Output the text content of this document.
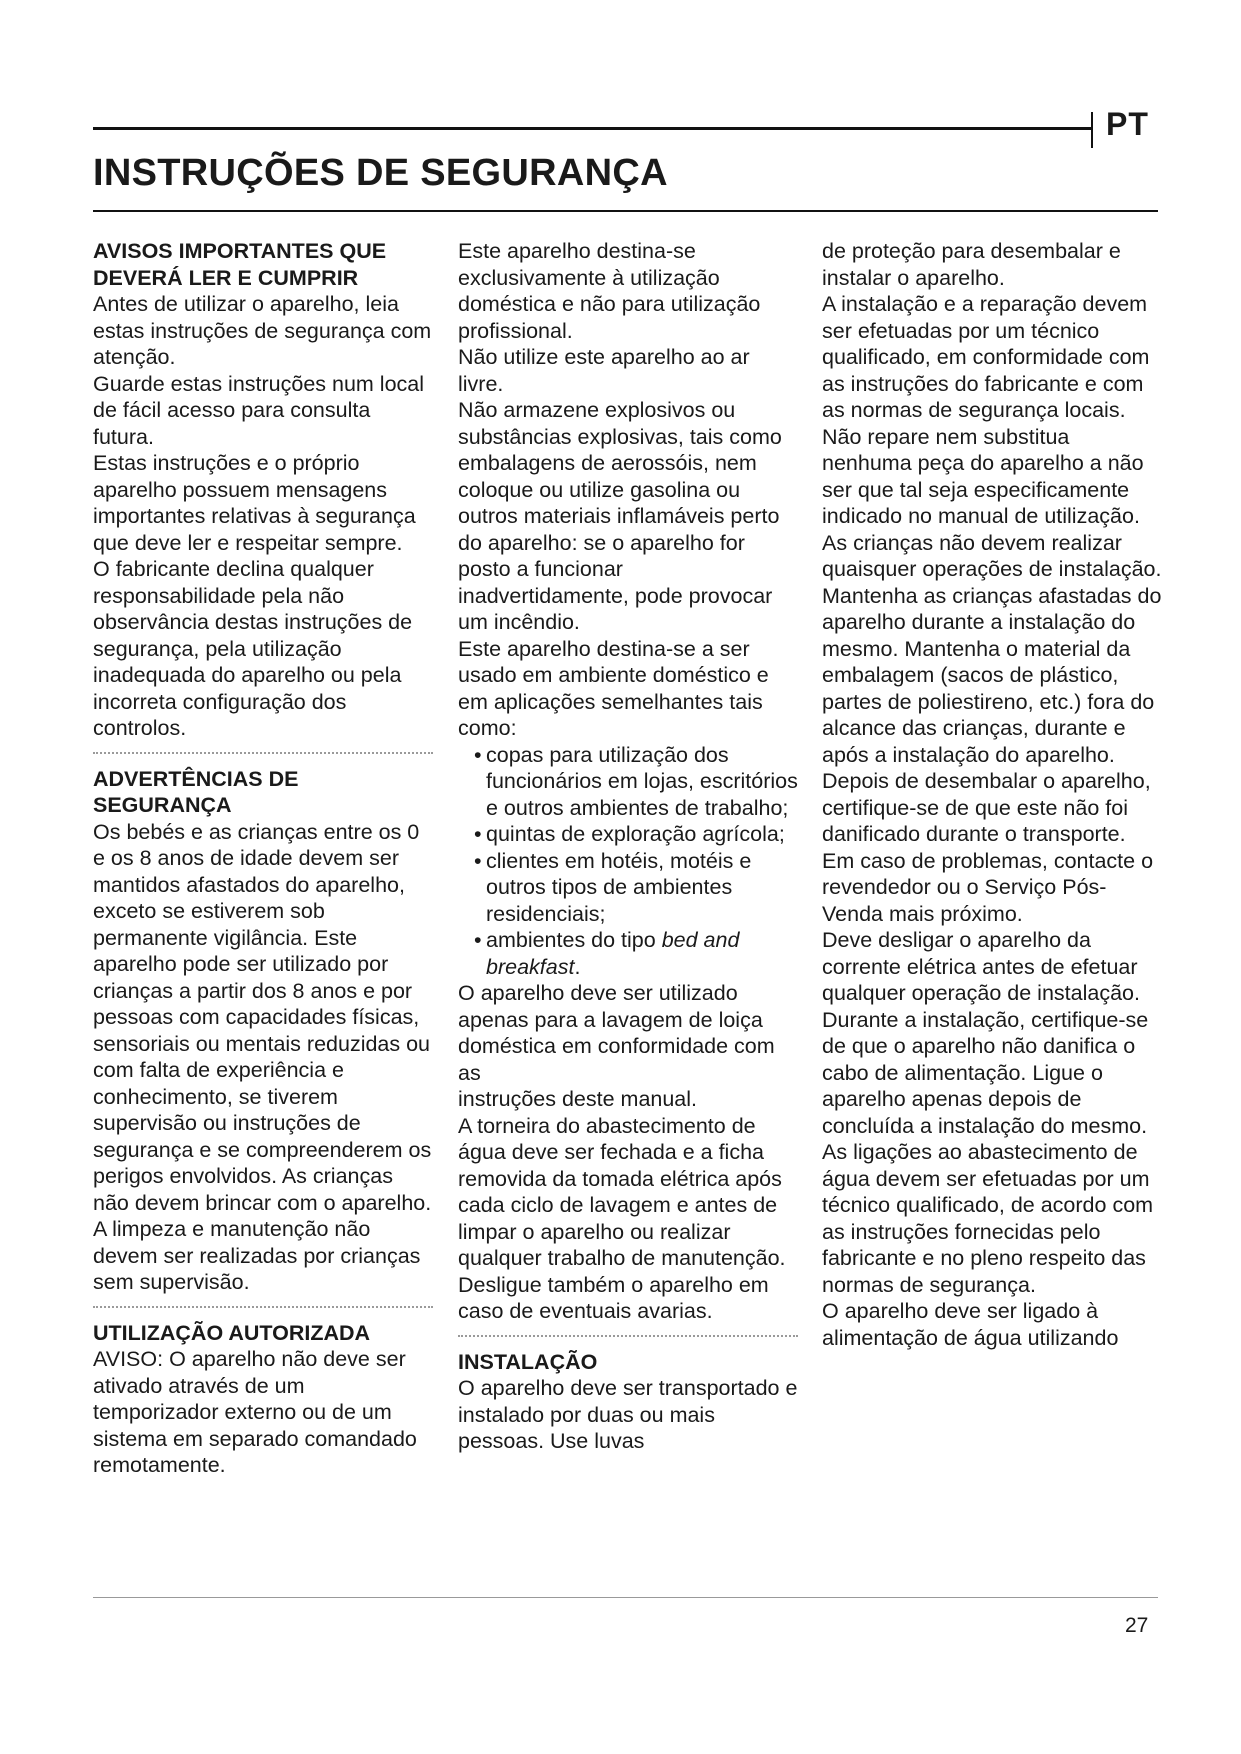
PT
INSTRUÇÕES DE SEGURANÇA
AVISOS IMPORTANTES QUE DEVERÁ LER E CUMPRIR

Antes de utilizar o aparelho, leia estas instruções de segurança com atenção.

Guarde estas instruções num local de fácil acesso para consulta futura.

Estas instruções e o próprio aparelho possuem mensagens importantes relativas à segurança que deve ler e respeitar sempre.

O fabricante declina qualquer responsabilidade pela não observância destas instruções de segurança, pela utilização inadequada do aparelho ou pela incorreta configuração dos controlos.

ADVERTÊNCIAS DE SEGURANÇA

Os bebés e as crianças entre os 0 e os 8 anos de idade devem ser mantidos afastados do aparelho, exceto se estiverem sob permanente vigilância. Este aparelho pode ser utilizado por crianças a partir dos 8 anos e por pessoas com capacidades físicas, sensoriais ou mentais reduzidas ou com falta de experiência e conhecimento, se tiverem supervisão ou instruções de segurança e se compreenderem os perigos envolvidos. As crianças não devem brincar com o aparelho. A limpeza e manutenção não devem ser realizadas por crianças sem supervisão.

UTILIZAÇÃO AUTORIZADA

AVISO: O aparelho não deve ser ativado através de um temporizador externo ou de um sistema em separado comandado remotamente.

Este aparelho destina-se exclusivamente à utilização doméstica e não para utilização profissional.

Não utilize este aparelho ao ar livre.

Não armazene explosivos ou substâncias explosivas, tais como embalagens de aerossóis, nem coloque ou utilize gasolina ou outros materiais inflamáveis perto do aparelho: se o aparelho for posto a funcionar inadvertidamente, pode provocar um incêndio.

Este aparelho destina-se a ser usado em ambiente doméstico e em aplicações semelhantes tais como:

• copas para utilização dos funcionários em lojas, escritórios e outros ambientes de trabalho;
• quintas de exploração agrícola;
• clientes em hotéis, motéis e outros tipos de ambientes residenciais;
• ambientes do tipo bed and breakfast.

O aparelho deve ser utilizado apenas para a lavagem de loiça doméstica em conformidade com as

instruções deste manual.

A torneira do abastecimento de água deve ser fechada e a ficha removida da tomada elétrica após cada ciclo de lavagem e antes de limpar o aparelho ou realizar qualquer trabalho de manutenção.

Desligue também o aparelho em caso de eventuais avarias.

INSTALAÇÃO

O aparelho deve ser transportado e instalado por duas ou mais pessoas. Use luvas

de proteção para desembalar e instalar o aparelho.

A instalação e a reparação devem ser efetuadas por um técnico qualificado, em conformidade com as instruções do fabricante e com as normas de segurança locais. Não repare nem substitua nenhuma peça do aparelho a não ser que tal seja especificamente indicado no manual de utilização.

As crianças não devem realizar quaisquer operações de instalação. Mantenha as crianças afastadas do aparelho durante a instalação do mesmo. Mantenha o material da embalagem (sacos de plástico, partes de poliestireno, etc.) fora do alcance das crianças, durante e após a instalação do aparelho.

Depois de desembalar o aparelho, certifique-se de que este não foi danificado durante o transporte. Em caso de problemas, contacte o revendedor ou o Serviço Pós-Venda mais próximo.

Deve desligar o aparelho da corrente elétrica antes de efetuar qualquer operação de instalação.

Durante a instalação, certifique-se de que o aparelho não danifica o cabo de alimentação. Ligue o aparelho apenas depois de concluída a instalação do mesmo.

As ligações ao abastecimento de água devem ser efetuadas por um técnico qualificado, de acordo com as instruções fornecidas pelo fabricante e no pleno respeito das normas de segurança.

O aparelho deve ser ligado à alimentação de água utilizando

27
